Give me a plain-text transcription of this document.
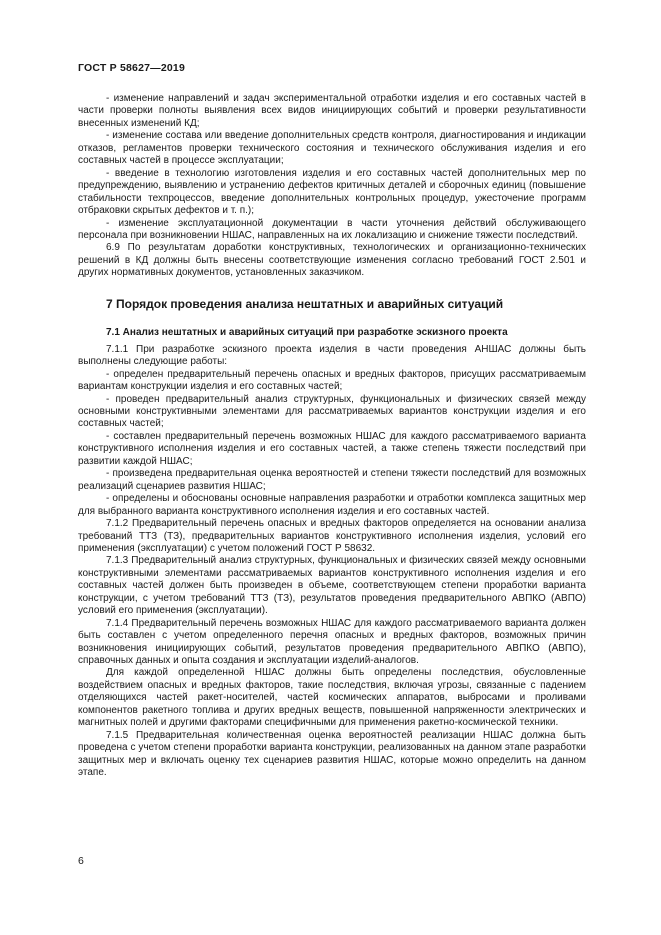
ГОСТ Р 58627—2019

- изменение направлений и задач экспериментальной отработки изделия и его составных частей в части проверки полноты выявления всех видов инициирующих событий и проверки результативности внесенных изменений КД;

- изменение состава или введение дополнительных средств контроля, диагностирования и индикации отказов, регламентов проверки технического состояния и технического обслуживания изделия и его составных частей в процессе эксплуатации;

- введение в технологию изготовления изделия и его составных частей дополнительных мер по предупреждению, выявлению и устранению дефектов критичных деталей и сборочных единиц (повышение стабильности техпроцессов, введение дополнительных контрольных процедур, ужесточение программ отбраковки скрытых дефектов и т. п.);

- изменение эксплуатационной документации в части уточнения действий обслуживающего персонала при возникновении НШАС, направленных на их локализацию и снижение тяжести последствий.

6.9 По результатам доработки конструктивных, технологических и организационно-технических решений в КД должны быть внесены соответствующие изменения согласно требований ГОСТ 2.501 и других нормативных документов, установленных заказчиком.

7 Порядок проведения анализа нештатных и аварийных ситуаций
7.1 Анализ нештатных и аварийных ситуаций при разработке эскизного проекта

7.1.1 При разработке эскизного проекта изделия в части проведения АНШАС должны быть выполнены следующие работы:

- определен предварительный перечень опасных и вредных факторов, присущих рассматриваемым вариантам конструкции изделия и его составных частей;

- проведен предварительный анализ структурных, функциональных и физических связей между основными конструктивными элементами для рассматриваемых вариантов конструкции изделия и его составных частей;

- составлен предварительный перечень возможных НШАС для каждого рассматриваемого варианта конструктивного исполнения изделия и его составных частей, а также степень тяжести последствий при развитии каждой НШАС;

- произведена предварительная оценка вероятностей и степени тяжести последствий для возможных реализаций сценариев развития НШАС;

- определены и обоснованы основные направления разработки и отработки комплекса защитных мер для выбранного варианта конструктивного исполнения изделия и его составных частей.

7.1.2 Предварительный перечень опасных и вредных факторов определяется на основании анализа требований ТТЗ (ТЗ), предварительных вариантов конструктивного исполнения изделия, условий его применения (эксплуатации) с учетом положений ГОСТ Р 58632.

7.1.3 Предварительный анализ структурных, функциональных и физических связей между основными конструктивными элементами рассматриваемых вариантов конструктивного исполнения изделия и его составных частей должен быть произведен в объеме, соответствующем степени проработки варианта конструкции, с учетом требований ТТЗ (ТЗ), результатов проведения предварительного АВПКО (АВПО) условий его применения (эксплуатации).

7.1.4 Предварительный перечень возможных НШАС для каждого рассматриваемого варианта должен быть составлен с учетом определенного перечня опасных и вредных факторов, возможных причин возникновения инициирующих событий, результатов проведения предварительного АВПКО (АВПО), справочных данных и опыта создания и эксплуатации изделий-аналогов.

Для каждой определенной НШАС должны быть определены последствия, обусловленные воздействием опасных и вредных факторов, такие последствия, включая угрозы, связанные с падением отделяющихся частей ракет-носителей, частей космических аппаратов, выбросами и проливами компонентов ракетного топлива и других вредных веществ, повышенной напряженности электрических и магнитных полей и другими факторами специфичными для применения ракетно-космической техники.

7.1.5 Предварительная количественная оценка вероятностей реализации НШАС должна быть проведена с учетом степени проработки варианта конструкции, реализованных на данном этапе разработки защитных мер и включать оценку тех сценариев развития НШАС, которые можно определить на данном этапе.

6
